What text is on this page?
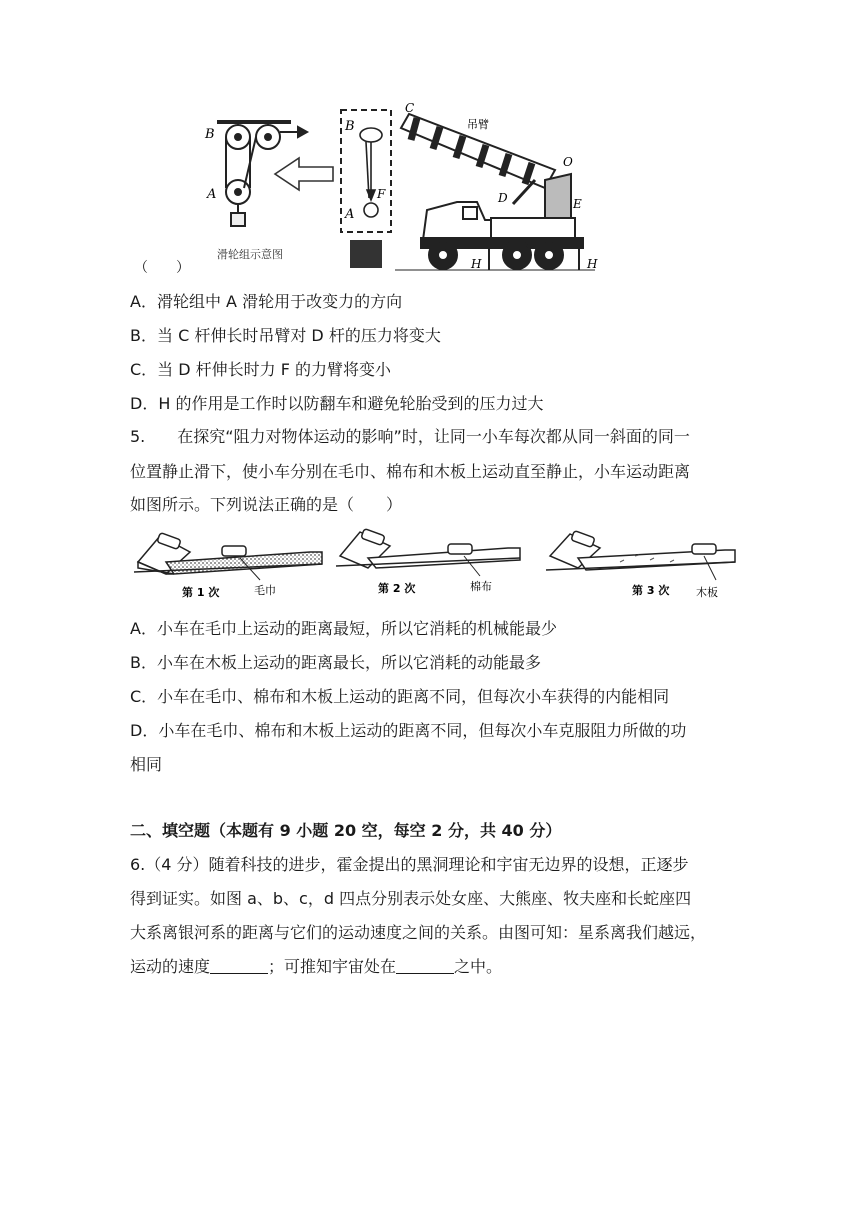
B
A
滑轮组示意图
B
A
F
C
吊臂
O
D	E
H	H
（　　）
A．滑轮组中 A 滑轮用于改变力的方向
B．当 C 杆伸长时吊臂对 D 杆的压力将变大
C．当 D 杆伸长时力 F 的力臂将变小
D．H 的作用是工作时以防翻车和避免轮胎受到的压力过大
5.　　在探究“阻力对物体运动的影响”时，让同一小车每次都从同一斜面的同一
位置静止滑下，使小车分别在毛巾、棉布和木板上运动直至静止，小车运动距离
如图所示。下列说法正确的是（　　）
第 1 次	毛巾	第 2 次	棉布	第 3 次 木板
A．小车在毛巾上运动的距离最短，所以它消耗的机械能最少
B．小车在木板上运动的距离最长，所以它消耗的动能最多
C．小车在毛巾、棉布和木板上运动的距离不同，但每次小车获得的内能相同
D．小车在毛巾、棉布和木板上运动的距离不同，但每次小车克服阻力所做的功
相同
二、填空题（本题有 9 小题 20 空，每空 2 分，共 40 分）
6.（4 分）随着科技的进步，霍金提出的黑洞理论和宇宙无边界的设想，正逐步
得到证实。如图 a、b、c，d 四点分别表示处女座、大熊座、牧夫座和长蛇座四
大系离银河系的距离与它们的运动速度之间的关系。由图可知：星系离我们越远，
运动的速度	；可推知宇宙处在	之中。
